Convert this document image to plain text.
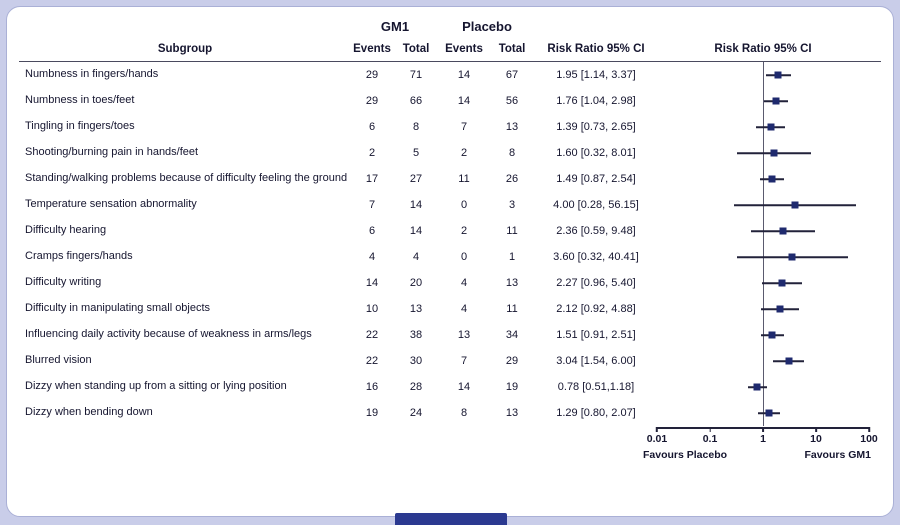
GM1	Placebo
Subgroup	Events	Total	Events	Total	Risk Ratio 95% CI	Risk Ratio 95% CI
Numbness in fingers/hands	29	71	14	67	1.95 [1.14, 3.37]
Numbness in toes/feet	29	66	14	56	1.76 [1.04, 2.98]
Tingling in fingers/toes	6	8	7	13	1.39 [0.73, 2.65]
Shooting/burning pain in hands/feet	2	5	2	8	1.60 [0.32, 8.01]
Standing/walking problems because of difficulty feeling the ground	17	27	11	26	1.49 [0.87, 2.54]
Temperature sensation abnormality	7	14	0	3	4.00 [0.28, 56.15]
Difficulty hearing	6	14	2	11	2.36 [0.59, 9.48]
Cramps fingers/hands	4	4	0	1	3.60 [0.32, 40.41]
Difficulty writing	14	20	4	13	2.27 [0.96, 5.40]
Difficulty in manipulating small objects	10	13	4	11	2.12 [0.92, 4.88]
Influencing daily activity because of weakness in arms/legs	22	38	13	34	1.51 [0.91, 2.51]
Blurred vision	22	30	7	29	3.04 [1.54, 6.00]
Dizzy when standing up from a sitting or lying position	16	28	14	19	0.78 [0.51,1.18]
Dizzy when bending down	19	24	8	13	1.29 [0.80, 2.07]
0.01	0.1	1	10	100
Favours Placebo	Favours GM1
